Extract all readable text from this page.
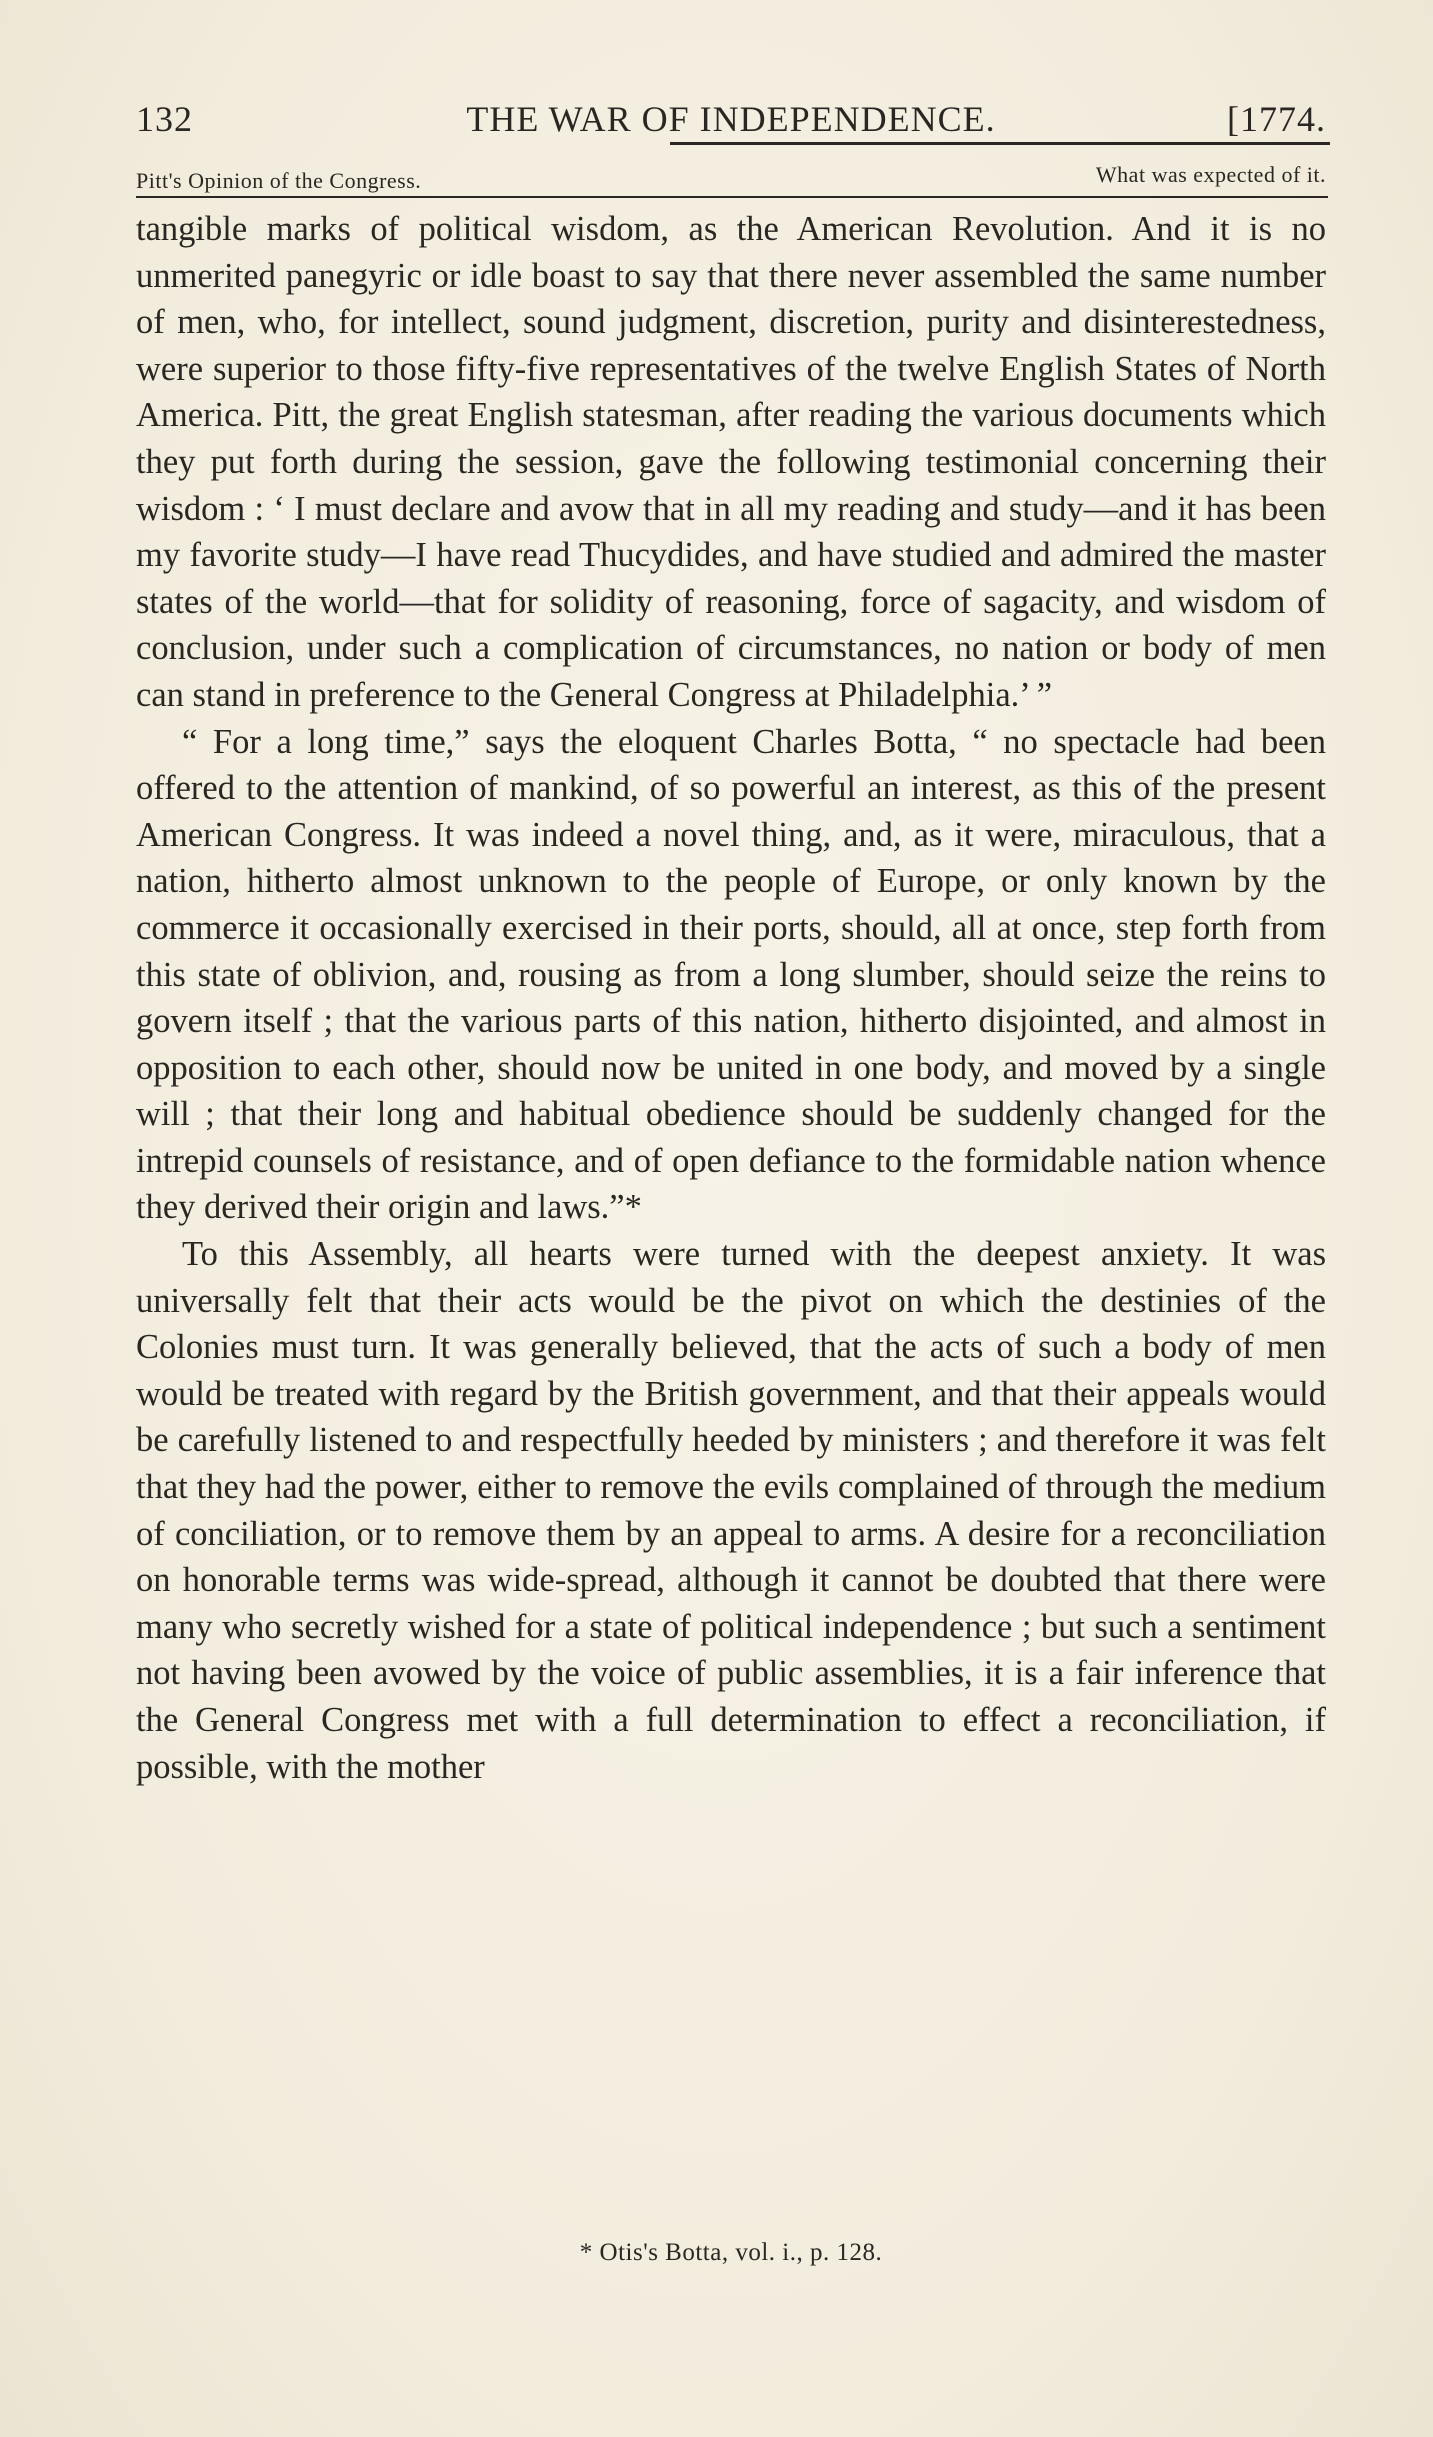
132	THE WAR OF INDEPENDENCE.	[1774.
Pitt's Opinion of the Congress.	What was expected of it.

tangible marks of political wisdom, as the American Revolution. And it is no unmerited panegyric or idle boast to say that there never assembled the same number of men, who, for intellect, sound judgment, discretion, purity and disinterestedness, were superior to those fifty-five representatives of the twelve English States of North America. Pitt, the great English statesman, after reading the various documents which they put forth during the session, gave the following testimonial concerning their wisdom : ‘ I must declare and avow that in all my reading and study—and it has been my favorite study—I have read Thucydides, and have studied and admired the master states of the world—that for solidity of reasoning, force of sagacity, and wisdom of conclusion, under such a complication of circumstances, no nation or body of men can stand in preference to the General Congress at Philadelphia.’ ”

“ For a long time,” says the eloquent Charles Botta, “ no spectacle had been offered to the attention of mankind, of so powerful an interest, as this of the present American Congress. It was indeed a novel thing, and, as it were, miraculous, that a nation, hitherto almost unknown to the people of Europe, or only known by the commerce it occasionally exercised in their ports, should, all at once, step forth from this state of oblivion, and, rousing as from a long slumber, should seize the reins to govern itself ; that the various parts of this nation, hitherto disjointed, and almost in opposition to each other, should now be united in one body, and moved by a single will ; that their long and habitual obedience should be suddenly changed for the intrepid counsels of resistance, and of open defiance to the formidable nation whence they derived their origin and laws.”*

To this Assembly, all hearts were turned with the deepest anxiety. It was universally felt that their acts would be the pivot on which the destinies of the Colonies must turn. It was generally believed, that the acts of such a body of men would be treated with regard by the British government, and that their appeals would be carefully listened to and respectfully heeded by ministers ; and therefore it was felt that they had the power, either to remove the evils complained of through the medium of conciliation, or to remove them by an appeal to arms. A desire for a reconciliation on honorable terms was wide-spread, although it cannot be doubted that there were many who secretly wished for a state of political independence ; but such a sentiment not having been avowed by the voice of public assemblies, it is a fair inference that the General Congress met with a full determination to effect a reconciliation, if possible, with the mother

* Otis's Botta, vol. i., p. 128.
